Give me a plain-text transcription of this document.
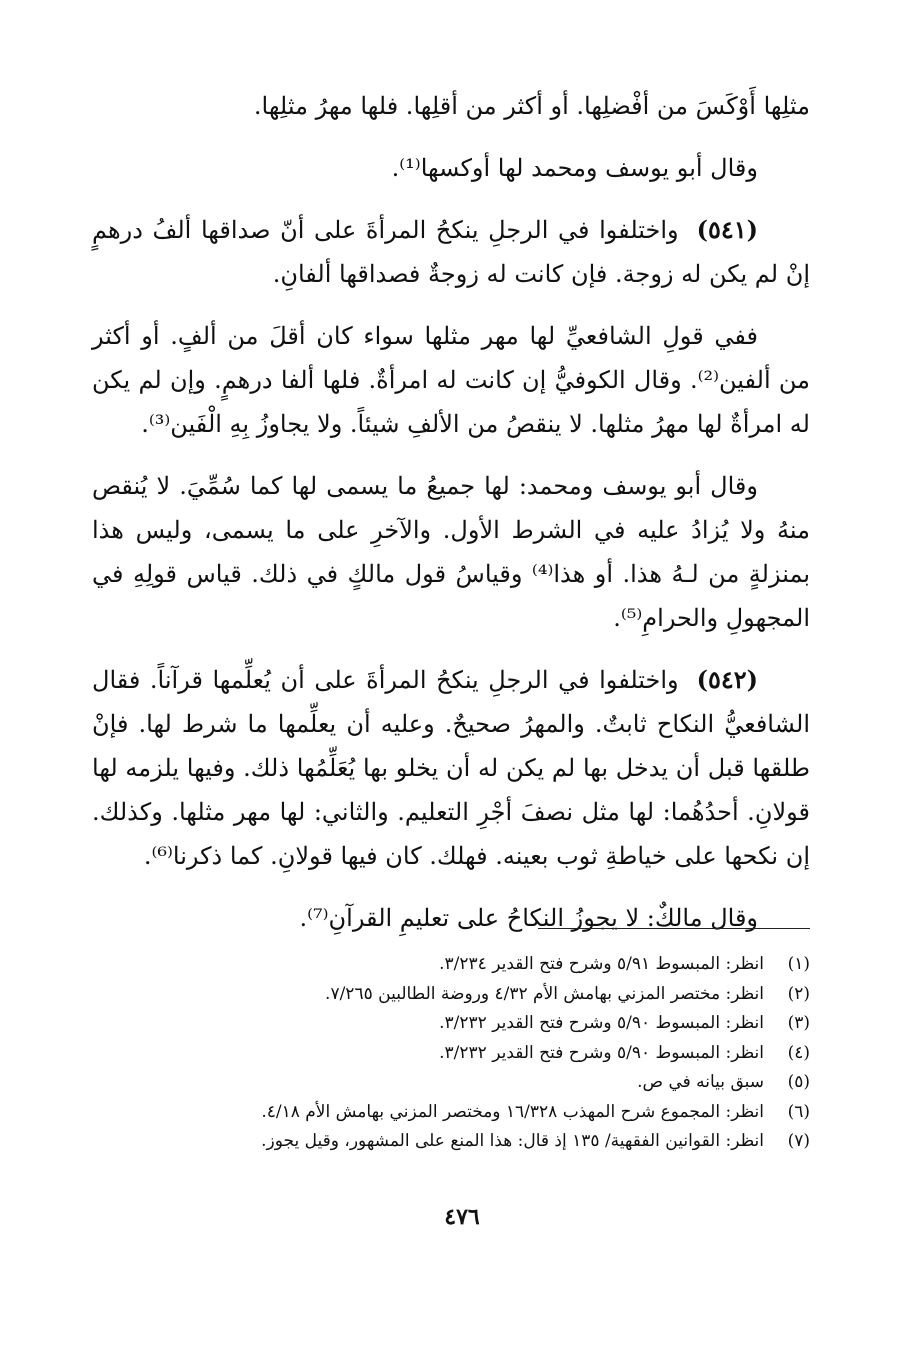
مثلِها أَوْكَسَ من أفْضلِها. أو أكثر من أقلِها. فلها مهرُ مثلِها.

وقال أبو يوسف ومحمد لها أوكسها⁽¹⁾.

(٥٤١)واختلفوا في الرجلِ ينكحُ المرأةَ على أنّ صداقها ألفُ درهمٍ إنْ لم يكن له زوجة. فإن كانت له زوجةٌ فصداقها ألفانِ.

ففي قولِ الشافعيِّ لها مهر مثلها سواء كان أقلَ من ألفٍ. أو أكثر من ألفين⁽²⁾. وقال الكوفيُّ إن كانت له امرأةٌ. فلها ألفا درهمٍ. وإن لم يكن له امرأةٌ لها مهرُ مثلها. لا ينقصُ من الألفِ شيئاً. ولا يجاوزُ بِهِ الْفَين⁽³⁾.

وقال أبو يوسف ومحمد: لها جميعُ ما يسمى لها كما سُمِّيَ. لا يُنقص منهُ ولا يُزادُ عليه في الشرط الأول. والآخرِ على ما يسمى، وليس هذا بمنزلةٍ من لـهُ هذا. أو هذا⁽⁴⁾ وقياسُ قول مالكٍ في ذلك. قياس قولِهِ في المجهولِ والحرامِ⁽⁵⁾.

(٥٤٢)واختلفوا في الرجلِ ينكحُ المرأةَ على أن يُعلِّمها قرآناً. فقال الشافعيُّ النكاح ثابتٌ. والمهرُ صحيحٌ. وعليه أن يعلِّمها ما شرط لها. فإنْ طلقها قبل أن يدخل بها لم يكن له أن يخلو بها يُعَلِّمُها ذلك. وفيها يلزمه لها قولانِ. أحدُهُما: لها مثل نصفَ أجْرِ التعليم. والثاني: لها مهر مثلها. وكذلك. إن نكحها على خياطةِ ثوب بعينه. فهلك. كان فيها قولانِ. كما ذكرنا⁽⁶⁾.

وقال مالكٌ: لا يجوزُ النكاحُ على تعليمِ القرآنِ⁽⁷⁾.

(١)
انظر: المبسوط ٥/٩١ وشرح فتح القدير ٣/٢٣٤.
(٢)
انظر: مختصر المزني بهامش الأم ٤/٣٢ وروضة الطالبين ٧/٢٦٥.
(٣)
انظر: المبسوط ٥/٩٠ وشرح فتح القدير ٣/٢٣٢.
(٤)
انظر: المبسوط ٥/٩٠ وشرح فتح القدير ٣/٢٣٢.
(٥)
سبق بيانه في ص.
(٦)
انظر: المجموع شرح المهذب ١٦/٣٢٨ ومختصر المزني بهامش الأم ٤/١٨.
(٧)
انظر: القوانين الفقهية/ ١٣٥ إذ قال: هذا المنع على المشهور، وقيل يجوز.
٤٧٦
